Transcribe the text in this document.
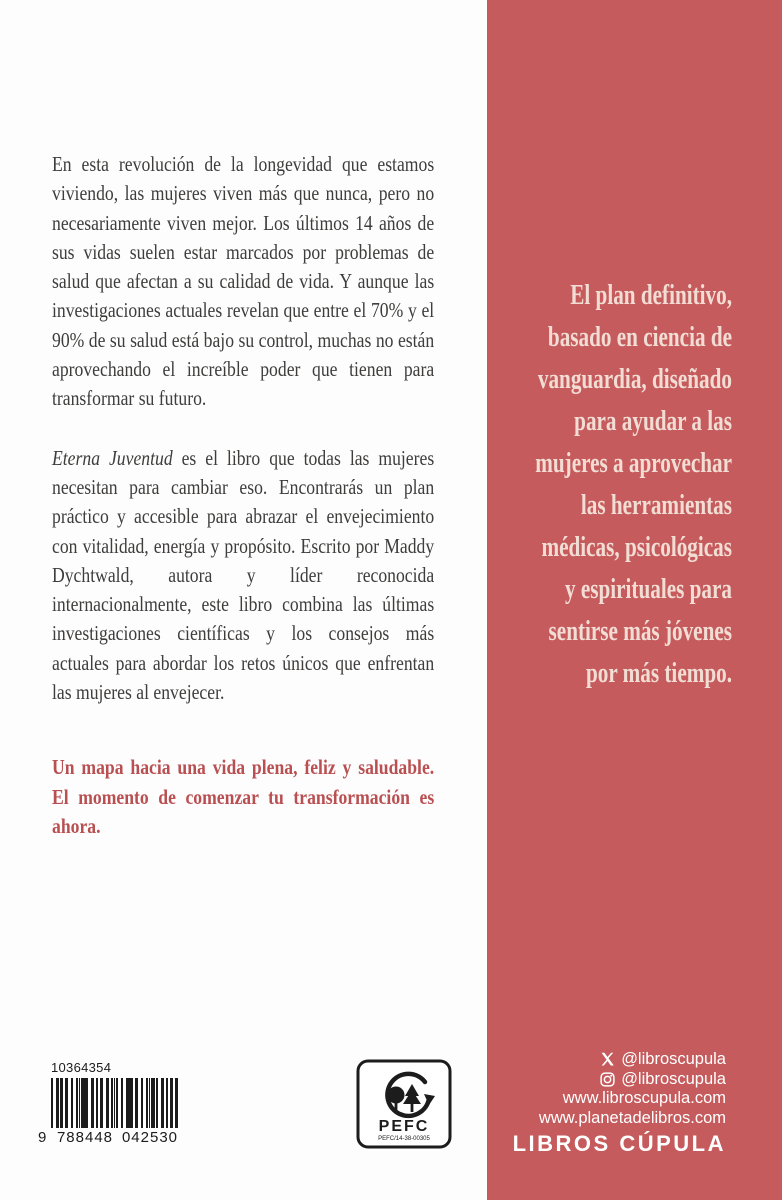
En esta revolución de la longevidad que estamos viviendo, las mujeres viven más que nunca, pero no necesariamente viven mejor. Los últimos 14 años de sus vidas suelen estar marcados por problemas de salud que afectan a su calidad de vida. Y aunque las investigaciones actuales revelan que entre el 70% y el 90% de su salud está bajo su control, muchas no están aprovechando el increíble poder que tienen para transformar su futuro.

Eterna Juventud es el libro que todas las mujeres necesitan para cambiar eso. Encontrarás un plan práctico y accesible para abrazar el envejecimiento con vitalidad, energía y propósito. Escrito por Maddy Dychtwald, autora y líder reconocida internacionalmente, este libro combina las últimas investigaciones científicas y los consejos más actuales para abordar los retos únicos que enfrentan las mujeres al envejecer.

Un mapa hacia una vida plena, feliz y saludable. El momento de comenzar tu transformación es ahora.

El plan definitivo,
basado en ciencia de
vanguardia, diseñado
para ayudar a las
mujeres a aprovechar
las herramientas
médicas, psicológicas
y espirituales para
sentirse más jóvenes
por más tiempo.
10364354
9 788448 042530
PEFC
PEFC/14-38-00305
@libroscupula
@libroscupula
www.libroscupula.com
www.planetadelibros.com
LIBROS CÚPULA
